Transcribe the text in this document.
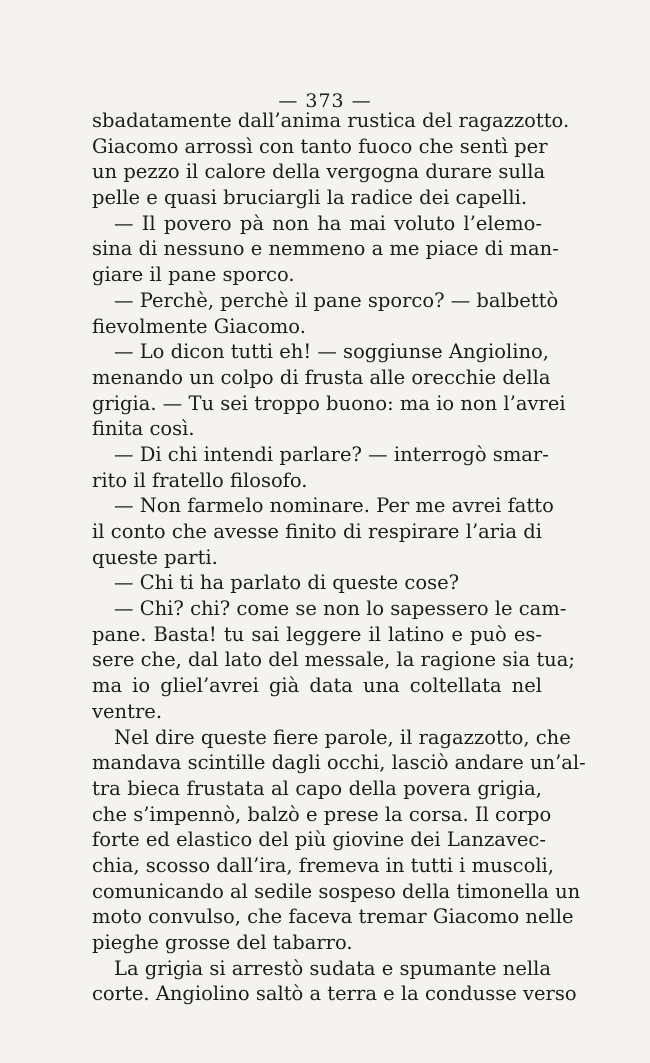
— 373 —
sbadatamente dall’anima rustica del ragazzotto.
Giacomo arrossì con tanto fuoco che sentì per
un pezzo il calore della vergogna durare sulla
pelle e quasi bruciargli la radice dei capelli.
— Il povero pà non ha mai voluto l’elemo-
sina di nessuno e nemmeno a me piace di man-
giare il pane sporco.
— Perchè, perchè il pane sporco? — balbettò
fievolmente Giacomo.
— Lo dicon tutti eh! — soggiunse Angiolino,
menando un colpo di frusta alle orecchie della
grigia. — Tu sei troppo buono: ma io non l’avrei
finita così.
— Di chi intendi parlare? — interrogò smar-
rito il fratello filosofo.
— Non farmelo nominare. Per me avrei fatto
il conto che avesse finito di respirare l’aria di
queste parti.
— Chi ti ha parlato di queste cose?
— Chi? chi? come se non lo sapessero le cam-
pane. Basta! tu sai leggere il latino e può es-
sere che, dal lato del messale, la ragione sia tua;
ma io gliel’avrei già data una coltellata nel
ventre.
Nel dire queste fiere parole, il ragazzotto, che
mandava scintille dagli occhi, lasciò andare un’al-
tra bieca frustata al capo della povera grigia,
che s’impennò, balzò e prese la corsa. Il corpo
forte ed elastico del più giovine dei Lanzavec-
chia, scosso dall’ira, fremeva in tutti i muscoli,
comunicando al sedile sospeso della timonella un
moto convulso, che faceva tremar Giacomo nelle
pieghe grosse del tabarro.
La grigia si arrestò sudata e spumante nella
corte. Angiolino saltò a terra e la condusse verso
